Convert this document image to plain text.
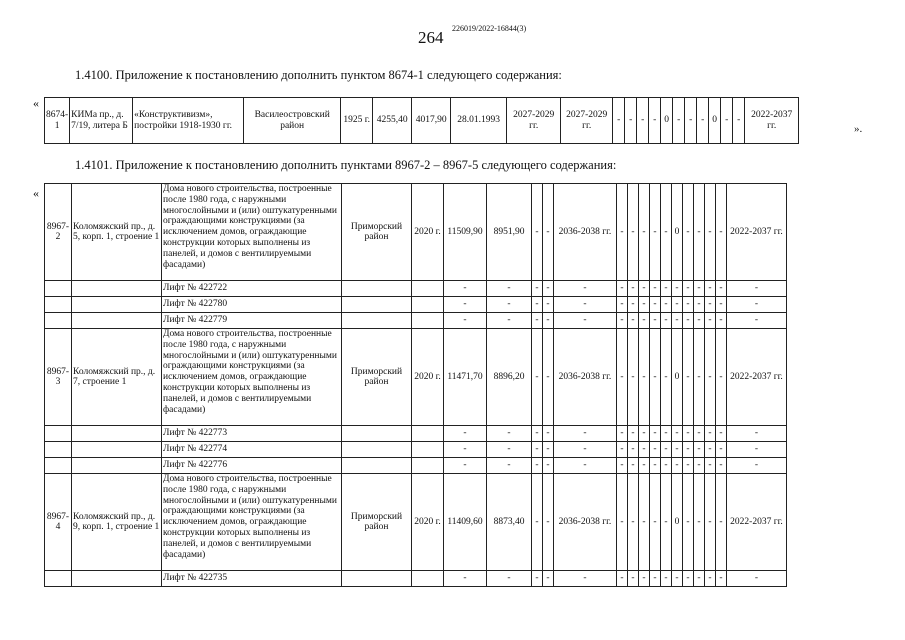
264 226019/2022-16844(3)
1.4100. Приложение к постановлению дополнить пунктом 8674-1 следующего содержания:
«
».
8674-1	КИМа пр., д. 7/19, литера Б	«Конструктивизм», постройки 1918-1930 гг.	Василеостровский район	1925 г.	4255,40	4017,90	28.01.1993	2027-2029 гг.	2027-2029 гг.	-	-	-	-	0	-	-	-	0	-	-	2022-2037 гг.
1.4101. Приложение к постановлению дополнить пунктами 8967-2 – 8967-5 следующего содержания:
«
8967-2	Коломяжский пр., д. 5, корп. 1, строение 1	Дома нового строительства, построенные после 1980 года, с наружными многослойными и (или) оштукатуренными ограждающими конструкциями (за исключением домов, ограждающие конструкции которых выполнены из панелей, и домов с вентилируемыми фасадами)	Приморский район	2020 г.	11509,90	8951,90	-	-	2036-2038 гг.	-	-	-	-	-	0	-	-	-	-	2022-2037 гг.
		Лифт № 422722			-	-	-	-	-	-	-	-	-	-	-	-	-	-	-	-
		Лифт № 422780			-	-	-	-	-	-	-	-	-	-	-	-	-	-	-	-
		Лифт № 422779			-	-	-	-	-	-	-	-	-	-	-	-	-	-	-	-
8967-3	Коломяжский пр., д. 7, строение 1	Дома нового строительства, построенные после 1980 года, с наружными многослойными и (или) оштукатуренными ограждающими конструкциями (за исключением домов, ограждающие конструкции которых выполнены из панелей, и домов с вентилируемыми фасадами)	Приморский район	2020 г.	11471,70	8896,20	-	-	2036-2038 гг.	-	-	-	-	-	0	-	-	-	-	2022-2037 гг.
		Лифт № 422773			-	-	-	-	-	-	-	-	-	-	-	-	-	-	-	-
		Лифт № 422774			-	-	-	-	-	-	-	-	-	-	-	-	-	-	-	-
		Лифт № 422776			-	-	-	-	-	-	-	-	-	-	-	-	-	-	-	-
8967-4	Коломяжский пр., д. 9, корп. 1, строение 1	Дома нового строительства, построенные после 1980 года, с наружными многослойными и (или) оштукатуренными ограждающими конструкциями (за исключением домов, ограждающие конструкции которых выполнены из панелей, и домов с вентилируемыми фасадами)	Приморский район	2020 г.	11409,60	8873,40	-	-	2036-2038 гг.	-	-	-	-	-	0	-	-	-	-	2022-2037 гг.
		Лифт № 422735			-	-	-	-	-	-	-	-	-	-	-	-	-	-	-	-
